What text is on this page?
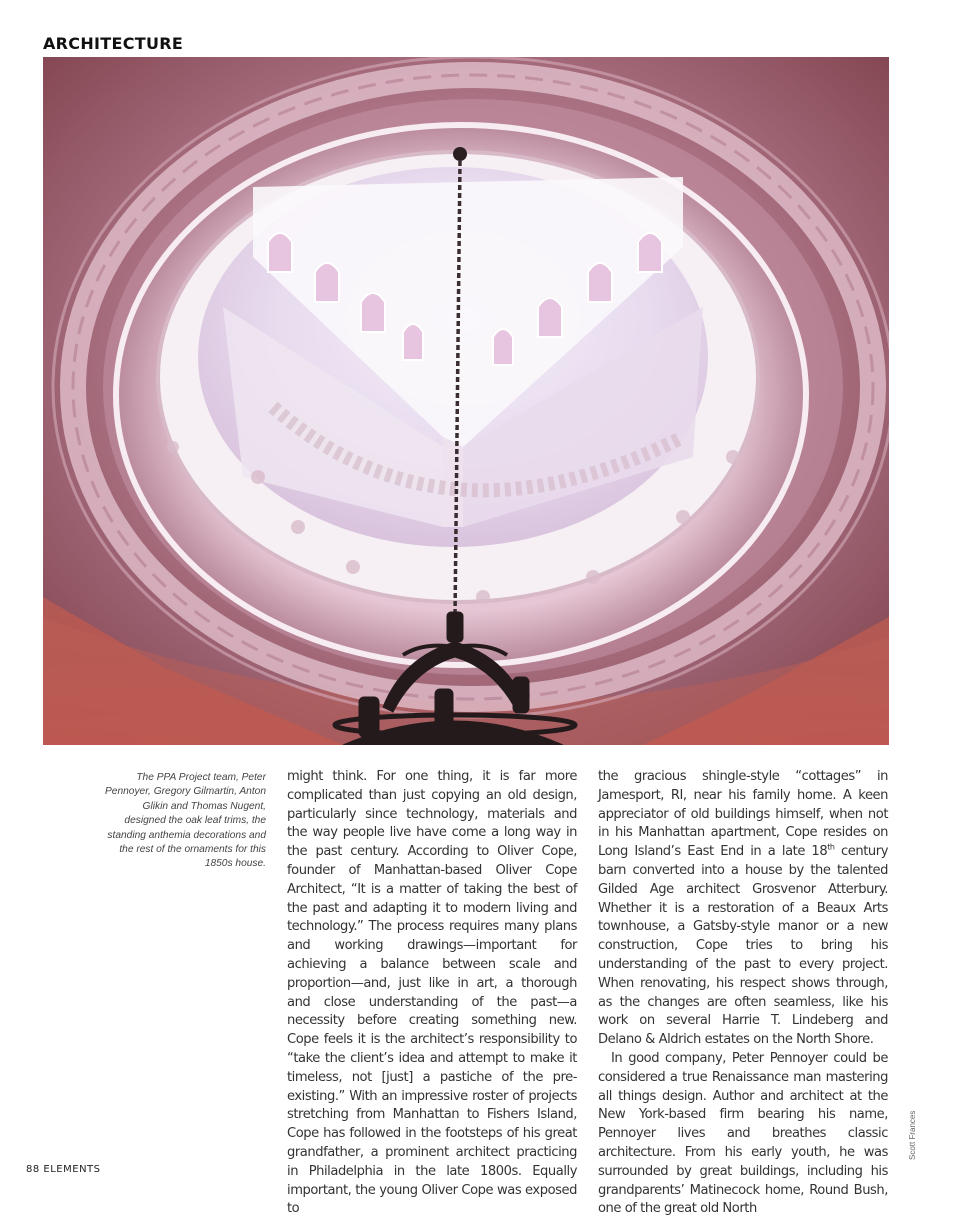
ARCHITECTURE
The PPA Project team, Peter Pennoyer, Gregory Gilmartin, Anton Glikin and Thomas Nugent, designed the oak leaf trims, the standing anthemia decorations and the rest of the ornaments for this 1850s house.

might think. For one thing, it is far more complicated than just copying an old design, particularly since technology, materials and the way people live have come a long way in the past century. According to Oliver Cope, founder of Manhattan-based Oliver Cope Architect, “It is a matter of taking the best of the past and adapting it to modern living and technology.” The process requires many plans and working drawings—important for achieving a balance between scale and proportion—and, just like in art, a thorough and close understanding of the past—a necessity before creating something new. Cope feels it is the architect’s responsibility to “take the client’s idea and attempt to make it timeless, not [just] a pastiche of the pre-existing.” With an impressive roster of projects stretching from Manhattan to Fishers Island, Cope has followed in the footsteps of his great grandfather, a prominent architect practicing in Philadelphia in the late 1800s. Equally important, the young Oliver Cope was exposed to

the gracious shingle-style “cottages” in Jamesport, RI, near his family home. A keen appreciator of old buildings himself, when not in his Manhattan apartment, Cope resides on Long Island’s East End in a late 18th century barn converted into a house by the talented Gilded Age architect Grosvenor Atterbury. Whether it is a restoration of a Beaux Arts townhouse, a Gatsby-style manor or a new construction, Cope tries to bring his understanding of the past to every project. When renovating, his respect shows through, as the changes are often seamless, like his work on several Harrie T. Lindeberg and Delano & Aldrich estates on the North Shore.

In good company, Peter Pennoyer could be considered a true Renaissance man mastering all things design. Author and architect at the New York-based firm bearing his name, Pennoyer lives and breathes classic architecture. From his early youth, he was surrounded by great buildings, including his grandparents’ Matinecock home, Round Bush, one of the great old North

Scott Frances
88 ELEMENTS
